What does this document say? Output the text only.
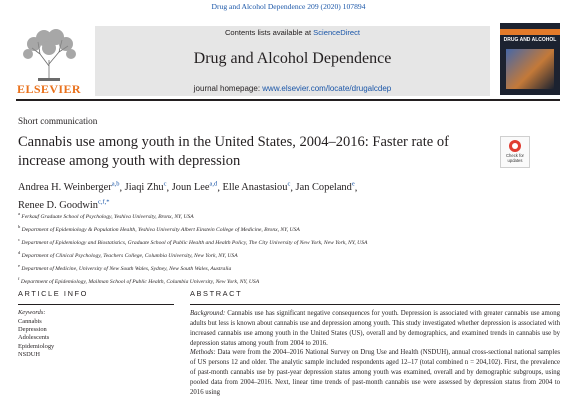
Drug and Alcohol Dependence 209 (2020) 107894
ELSEVIER
Contents lists available at ScienceDirect
Drug and Alcohol Dependence
journal homepage: www.elsevier.com/locate/drugalcdep
DRUG AND ALCOHOL
Short communication
Cannabis use among youth in the United States, 2004–2016: Faster rate of increase among youth with depression	Check for updates
Andrea H. Weinberger$^{a,b}$, Jiaqi Zhu$^c$, Joun Lee$^{a,d}$, Elle Anastasiou$^c$, Jan Copeland$^e$,
Renee D. Goodwin$^{c,f,*}$
$^a$ Ferkauf Graduate School of Psychology, Yeshiva University, Bronx, NY, USA
$^b$ Department of Epidemiology & Population Health, Yeshiva University Albert Einstein College of Medicine, Bronx, NY, USA
$^c$ Department of Epidemiology and Biostatistics, Graduate School of Public Health and Health Policy, The City University of New York, New York, NY, USA
$^d$ Department of Clinical Psychology, Teachers College, Columbia University, New York, NY, USA
$^e$ Department of Medicine, University of New South Wales, Sydney, New South Wales, Australia
$^f$ Department of Epidemiology, Mailman School of Public Health, Columbia University, New York, NY, USA
ARTICLE INFO	ABSTRACT
Keywords:
Cannabis
Depression
Adolescents
Epidemiology
NSDUH

Background: Cannabis use has significant negative consequences for youth. Depression is associated with greater cannabis use among adults but less is known about cannabis use and depression among youth. This study investigated whether depression is associated with increased cannabis use among youth in the United States (US), overall and by demographics, and examined trends in cannabis use by depression status among youth from 2004 to 2016.

Methods: Data were from the 2004–2016 National Survey on Drug Use and Health (NSDUH), annual cross-sectional national samples of US persons 12 and older. The analytic sample included respondents aged 12–17 (total combined n = 204,102). First, the prevalence of past-month cannabis use by past-year depression status among youth was examined, overall and by demographic subgroups, using pooled data from 2004–2016. Next, linear time trends of past-month cannabis use were assessed by depression status from 2004 to 2016 using
